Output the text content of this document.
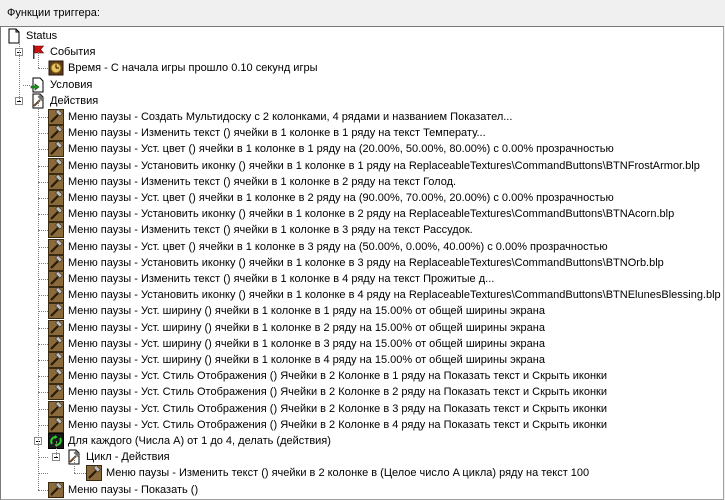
Функции триггера:
Status
События
Время - С начала игры прошло 0.10 секунд игры
Условия
Действия
Меню паузы - Создать Мультидоску с 2 колонками, 4 рядами и названием Показател...
Меню паузы - Изменить текст () ячейки в 1 колонке в 1 ряду на текст Температу...
Меню паузы - Уст. цвет () ячейки в 1 колонке в 1 ряду на (20.00%, 50.00%, 80.00%) с 0.00% прозрачностью
Меню паузы - Установить иконку () ячейки в 1 колонке в 1 ряду на ReplaceableTextures\CommandButtons\BTNFrostArmor.blp
Меню паузы - Изменить текст () ячейки в 1 колонке в 2 ряду на текст Голод.
Меню паузы - Уст. цвет () ячейки в 1 колонке в 2 ряду на (90.00%, 70.00%, 20.00%) с 0.00% прозрачностью
Меню паузы - Установить иконку () ячейки в 1 колонке в 2 ряду на ReplaceableTextures\CommandButtons\BTNAcorn.blp
Меню паузы - Изменить текст () ячейки в 1 колонке в 3 ряду на текст Рассудок.
Меню паузы - Уст. цвет () ячейки в 1 колонке в 3 ряду на (50.00%, 0.00%, 40.00%) с 0.00% прозрачностью
Меню паузы - Установить иконку () ячейки в 1 колонке в 3 ряду на ReplaceableTextures\CommandButtons\BTNOrb.blp
Меню паузы - Изменить текст () ячейки в 1 колонке в 4 ряду на текст Прожитые д...
Меню паузы - Установить иконку () ячейки в 1 колонке в 4 ряду на ReplaceableTextures\CommandButtons\BTNElunesBlessing.blp
Меню паузы - Уст. ширину () ячейки в 1 колонке в 1 ряду на 15.00% от общей ширины экрана
Меню паузы - Уст. ширину () ячейки в 1 колонке в 2 ряду на 15.00% от общей ширины экрана
Меню паузы - Уст. ширину () ячейки в 1 колонке в 3 ряду на 15.00% от общей ширины экрана
Меню паузы - Уст. ширину () ячейки в 1 колонке в 4 ряду на 15.00% от общей ширины экрана
Меню паузы - Уст. Стиль Отображения () Ячейки в 2 Колонке в 1 ряду на Показать текст и Скрыть иконки
Меню паузы - Уст. Стиль Отображения () Ячейки в 2 Колонке в 2 ряду на Показать текст и Скрыть иконки
Меню паузы - Уст. Стиль Отображения () Ячейки в 2 Колонке в 3 ряду на Показать текст и Скрыть иконки
Меню паузы - Уст. Стиль Отображения () Ячейки в 2 Колонке в 4 ряду на Показать текст и Скрыть иконки
Для каждого (Числа A) от 1 до 4, делать (действия)
Цикл - Действия
Меню паузы - Изменить текст () ячейки в 2 колонке в (Целое число A цикла) ряду на текст 100
Меню паузы - Показать ()
